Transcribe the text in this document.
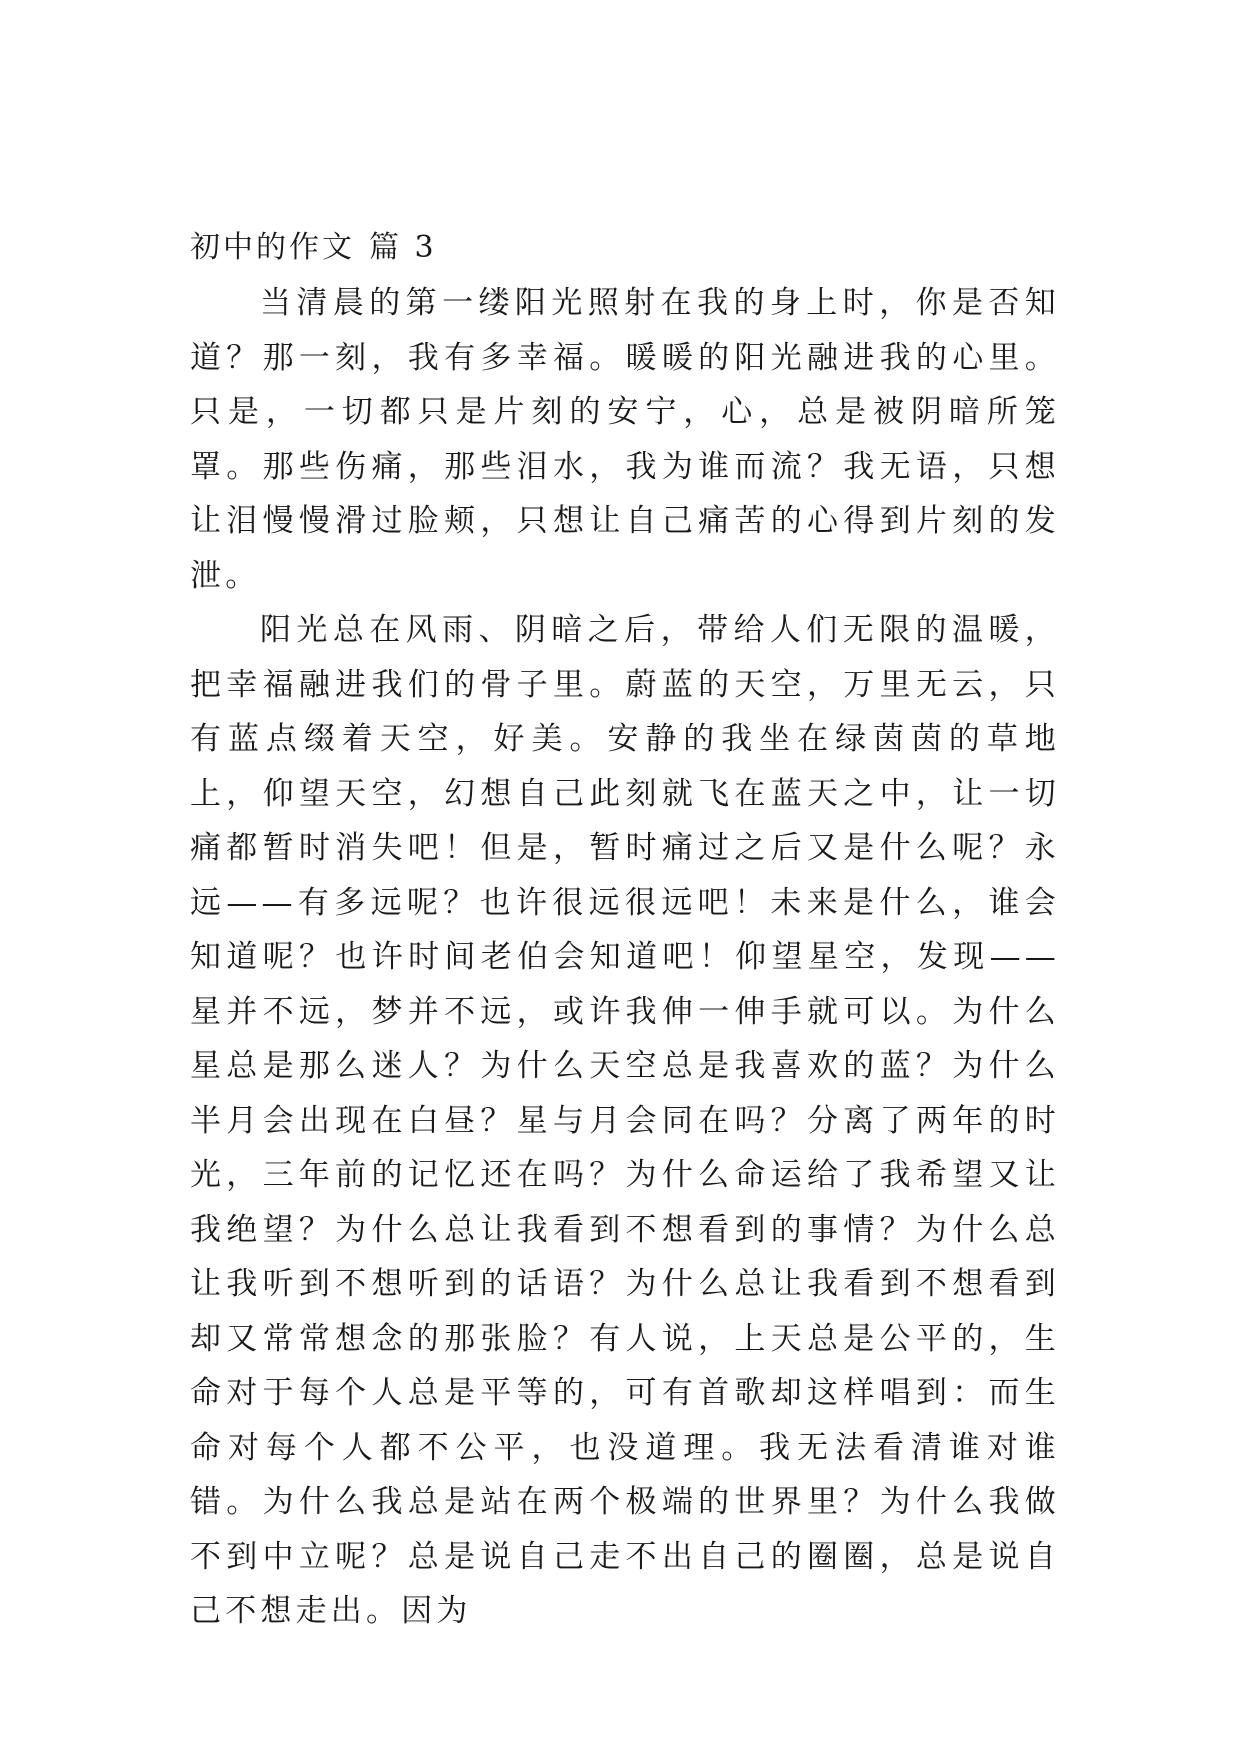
初中的作文 篇 3

当清晨的第一缕阳光照射在我的身上时，你是否知道？那一刻，我有多幸福。暖暖的阳光融进我的心里。只是，一切都只是片刻的安宁，心，总是被阴暗所笼罩。那些伤痛，那些泪水，我为谁而流？我无语，只想让泪慢慢滑过脸颊，只想让自己痛苦的心得到片刻的发泄。

阳光总在风雨、阴暗之后，带给人们无限的温暖，把幸福融进我们的骨子里。蔚蓝的天空，万里无云，只有蓝点缀着天空，好美。安静的我坐在绿茵茵的草地上，仰望天空，幻想自己此刻就飞在蓝天之中，让一切痛都暂时消失吧！但是，暂时痛过之后又是什么呢？永远——有多远呢？也许很远很远吧！未来是什么，谁会知道呢？也许时间老伯会知道吧！仰望星空，发现——星并不远，梦并不远，或许我伸一伸手就可以。为什么星总是那么迷人？为什么天空总是我喜欢的蓝？为什么半月会出现在白昼？星与月会同在吗？分离了两年的时光，三年前的记忆还在吗？为什么命运给了我希望又让我绝望？为什么总让我看到不想看到的事情？为什么总让我听到不想听到的话语？为什么总让我看到不想看到却又常常想念的那张脸？有人说，上天总是公平的，生命对于每个人总是平等的，可有首歌却这样唱到：而生命对每个人都不公平，也没道理。我无法看清谁对谁错。为什么我总是站在两个极端的世界里？为什么我做不到中立呢？总是说自己走不出自己的圈圈，总是说自己不想走出。因为
